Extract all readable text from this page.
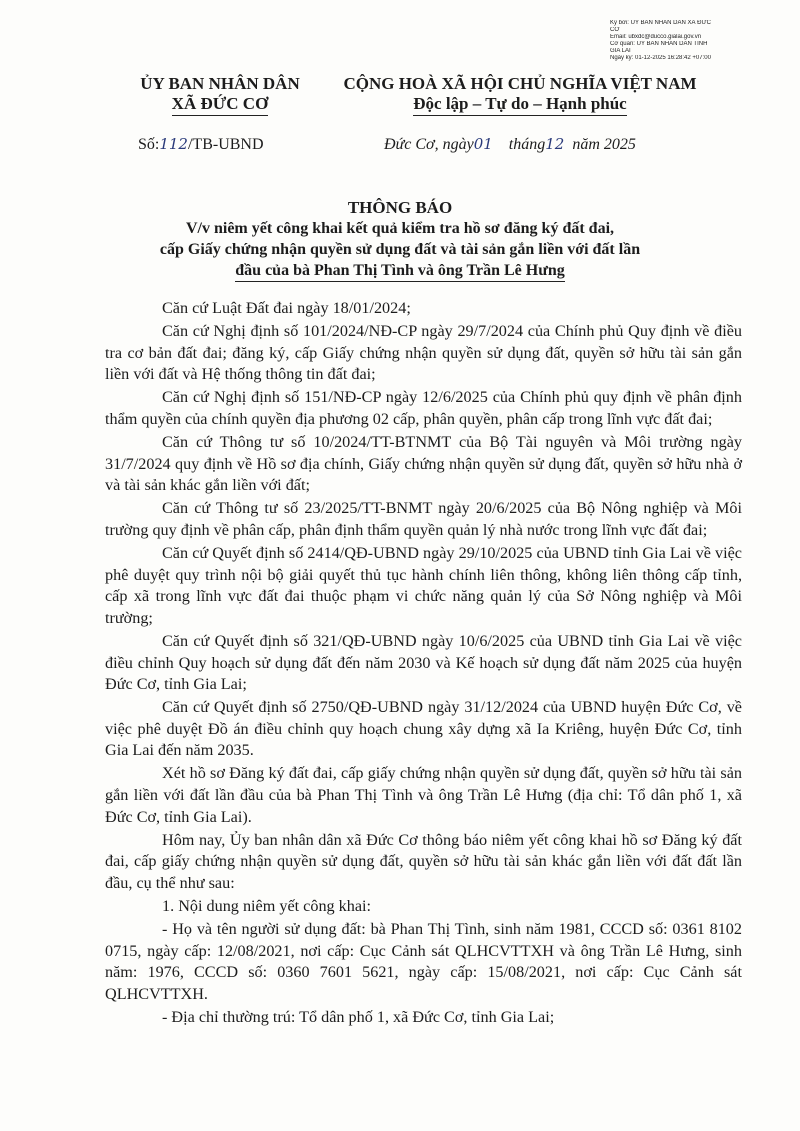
Ký bởi: ỦY BAN NHÂN DÂN XÃ ĐỨC
CƠ
Email: ubxdc@ducco.gialai.gov.vn
Cơ quan: ỦY BAN NHÂN DÂN TỈNH
GIA LAI
Ngày ký: 01-12-2025 16:28:42 +07:00
ỦY BAN NHÂN DÂN
XÃ ĐỨC CƠ
CỘNG HOÀ XÃ HỘI CHỦ NGHĨA VIỆT NAM
Độc lập – Tự do – Hạnh phúc
Số:112/TB-UBND	Đức Cơ, ngày01 tháng12 năm 2025
THÔNG BÁO
V/v niêm yết công khai kết quả kiểm tra hồ sơ đăng ký đất đai,
cấp Giấy chứng nhận quyền sử dụng đất và tài sản gắn liền với đất lần
đầu của bà Phan Thị Tình và ông Trần Lê Hưng

Căn cứ Luật Đất đai ngày 18/01/2024;

Căn cứ Nghị định số 101/2024/NĐ-CP ngày 29/7/2024 của Chính phủ Quy định về điều tra cơ bản đất đai; đăng ký, cấp Giấy chứng nhận quyền sử dụng đất, quyền sở hữu tài sản gắn liền với đất và Hệ thống thông tin đất đai;

Căn cứ Nghị định số 151/NĐ-CP ngày 12/6/2025 của Chính phủ quy định về phân định thẩm quyền của chính quyền địa phương 02 cấp, phân quyền, phân cấp trong lĩnh vực đất đai;

Căn cứ Thông tư số 10/2024/TT-BTNMT của Bộ Tài nguyên và Môi trường ngày 31/7/2024 quy định về Hồ sơ địa chính, Giấy chứng nhận quyền sử dụng đất, quyền sở hữu nhà ở và tài sản khác gắn liền với đất;

Căn cứ Thông tư số 23/2025/TT-BNMT ngày 20/6/2025 của Bộ Nông nghiệp và Môi trường quy định về phân cấp, phân định thẩm quyền quản lý nhà nước trong lĩnh vực đất đai;

Căn cứ Quyết định số 2414/QĐ-UBND ngày 29/10/2025 của UBND tỉnh Gia Lai về việc phê duyệt quy trình nội bộ giải quyết thủ tục hành chính liên thông, không liên thông cấp tỉnh, cấp xã trong lĩnh vực đất đai thuộc phạm vi chức năng quản lý của Sở Nông nghiệp và Môi trường;

Căn cứ Quyết định số 321/QĐ-UBND ngày 10/6/2025 của UBND tỉnh Gia Lai về việc điều chỉnh Quy hoạch sử dụng đất đến năm 2030 và Kế hoạch sử dụng đất năm 2025 của huyện Đức Cơ, tỉnh Gia Lai;

Căn cứ Quyết định số 2750/QĐ-UBND ngày 31/12/2024 của UBND huyện Đức Cơ, về việc phê duyệt Đồ án điều chỉnh quy hoạch chung xây dựng xã Ia Kriêng, huyện Đức Cơ, tỉnh Gia Lai đến năm 2035.

Xét hồ sơ Đăng ký đất đai, cấp giấy chứng nhận quyền sử dụng đất, quyền sở hữu tài sản gắn liền với đất lần đầu của bà Phan Thị Tình và ông Trần Lê Hưng (địa chỉ: Tổ dân phố 1, xã Đức Cơ, tỉnh Gia Lai).

Hôm nay, Ủy ban nhân dân xã Đức Cơ thông báo niêm yết công khai hồ sơ Đăng ký đất đai, cấp giấy chứng nhận quyền sử dụng đất, quyền sở hữu tài sản khác gắn liền với đất đất lần đầu, cụ thể như sau:

1. Nội dung niêm yết công khai:

- Họ và tên người sử dụng đất: bà Phan Thị Tình, sinh năm 1981, CCCD số: 0361 8102 0715, ngày cấp: 12/08/2021, nơi cấp: Cục Cảnh sát QLHCVTTXH và ông Trần Lê Hưng, sinh năm: 1976, CCCD số: 0360 7601 5621, ngày cấp: 15/08/2021, nơi cấp: Cục Cảnh sát QLHCVTTXH.

- Địa chỉ thường trú: Tổ dân phố 1, xã Đức Cơ, tỉnh Gia Lai;
